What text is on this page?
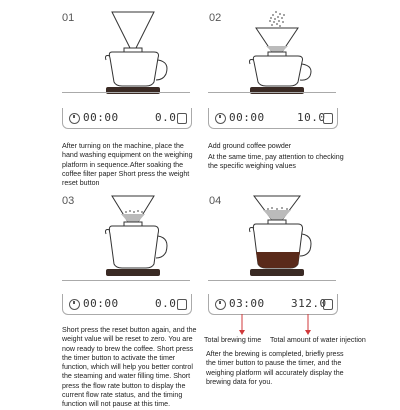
01
00:00	0.0
After turning on the machine, place the hand washing equipment on the weighing platform in sequence.After soaking the coffee filter paper Short press the weight reset button
02
00:00	10.0
Add ground coffee powder
At the same time, pay attention to checking the specific weighing values
03
00:00	0.0
Short press the reset button again, and the weight value will be reset to zero. You are now ready to brew the coffee. Short press the timer button to activate the timer function, which will help you better control the steaming and water filling time. Short press the flow rate button to display the current flow rate status, and the timing function will not pause at this time.
04
03:00 312.0
Total brewing time Total amount of water injection
After the brewing is completed, briefly press the timer button to pause the timer, and the weighing platform will accurately display the brewing data for you.
